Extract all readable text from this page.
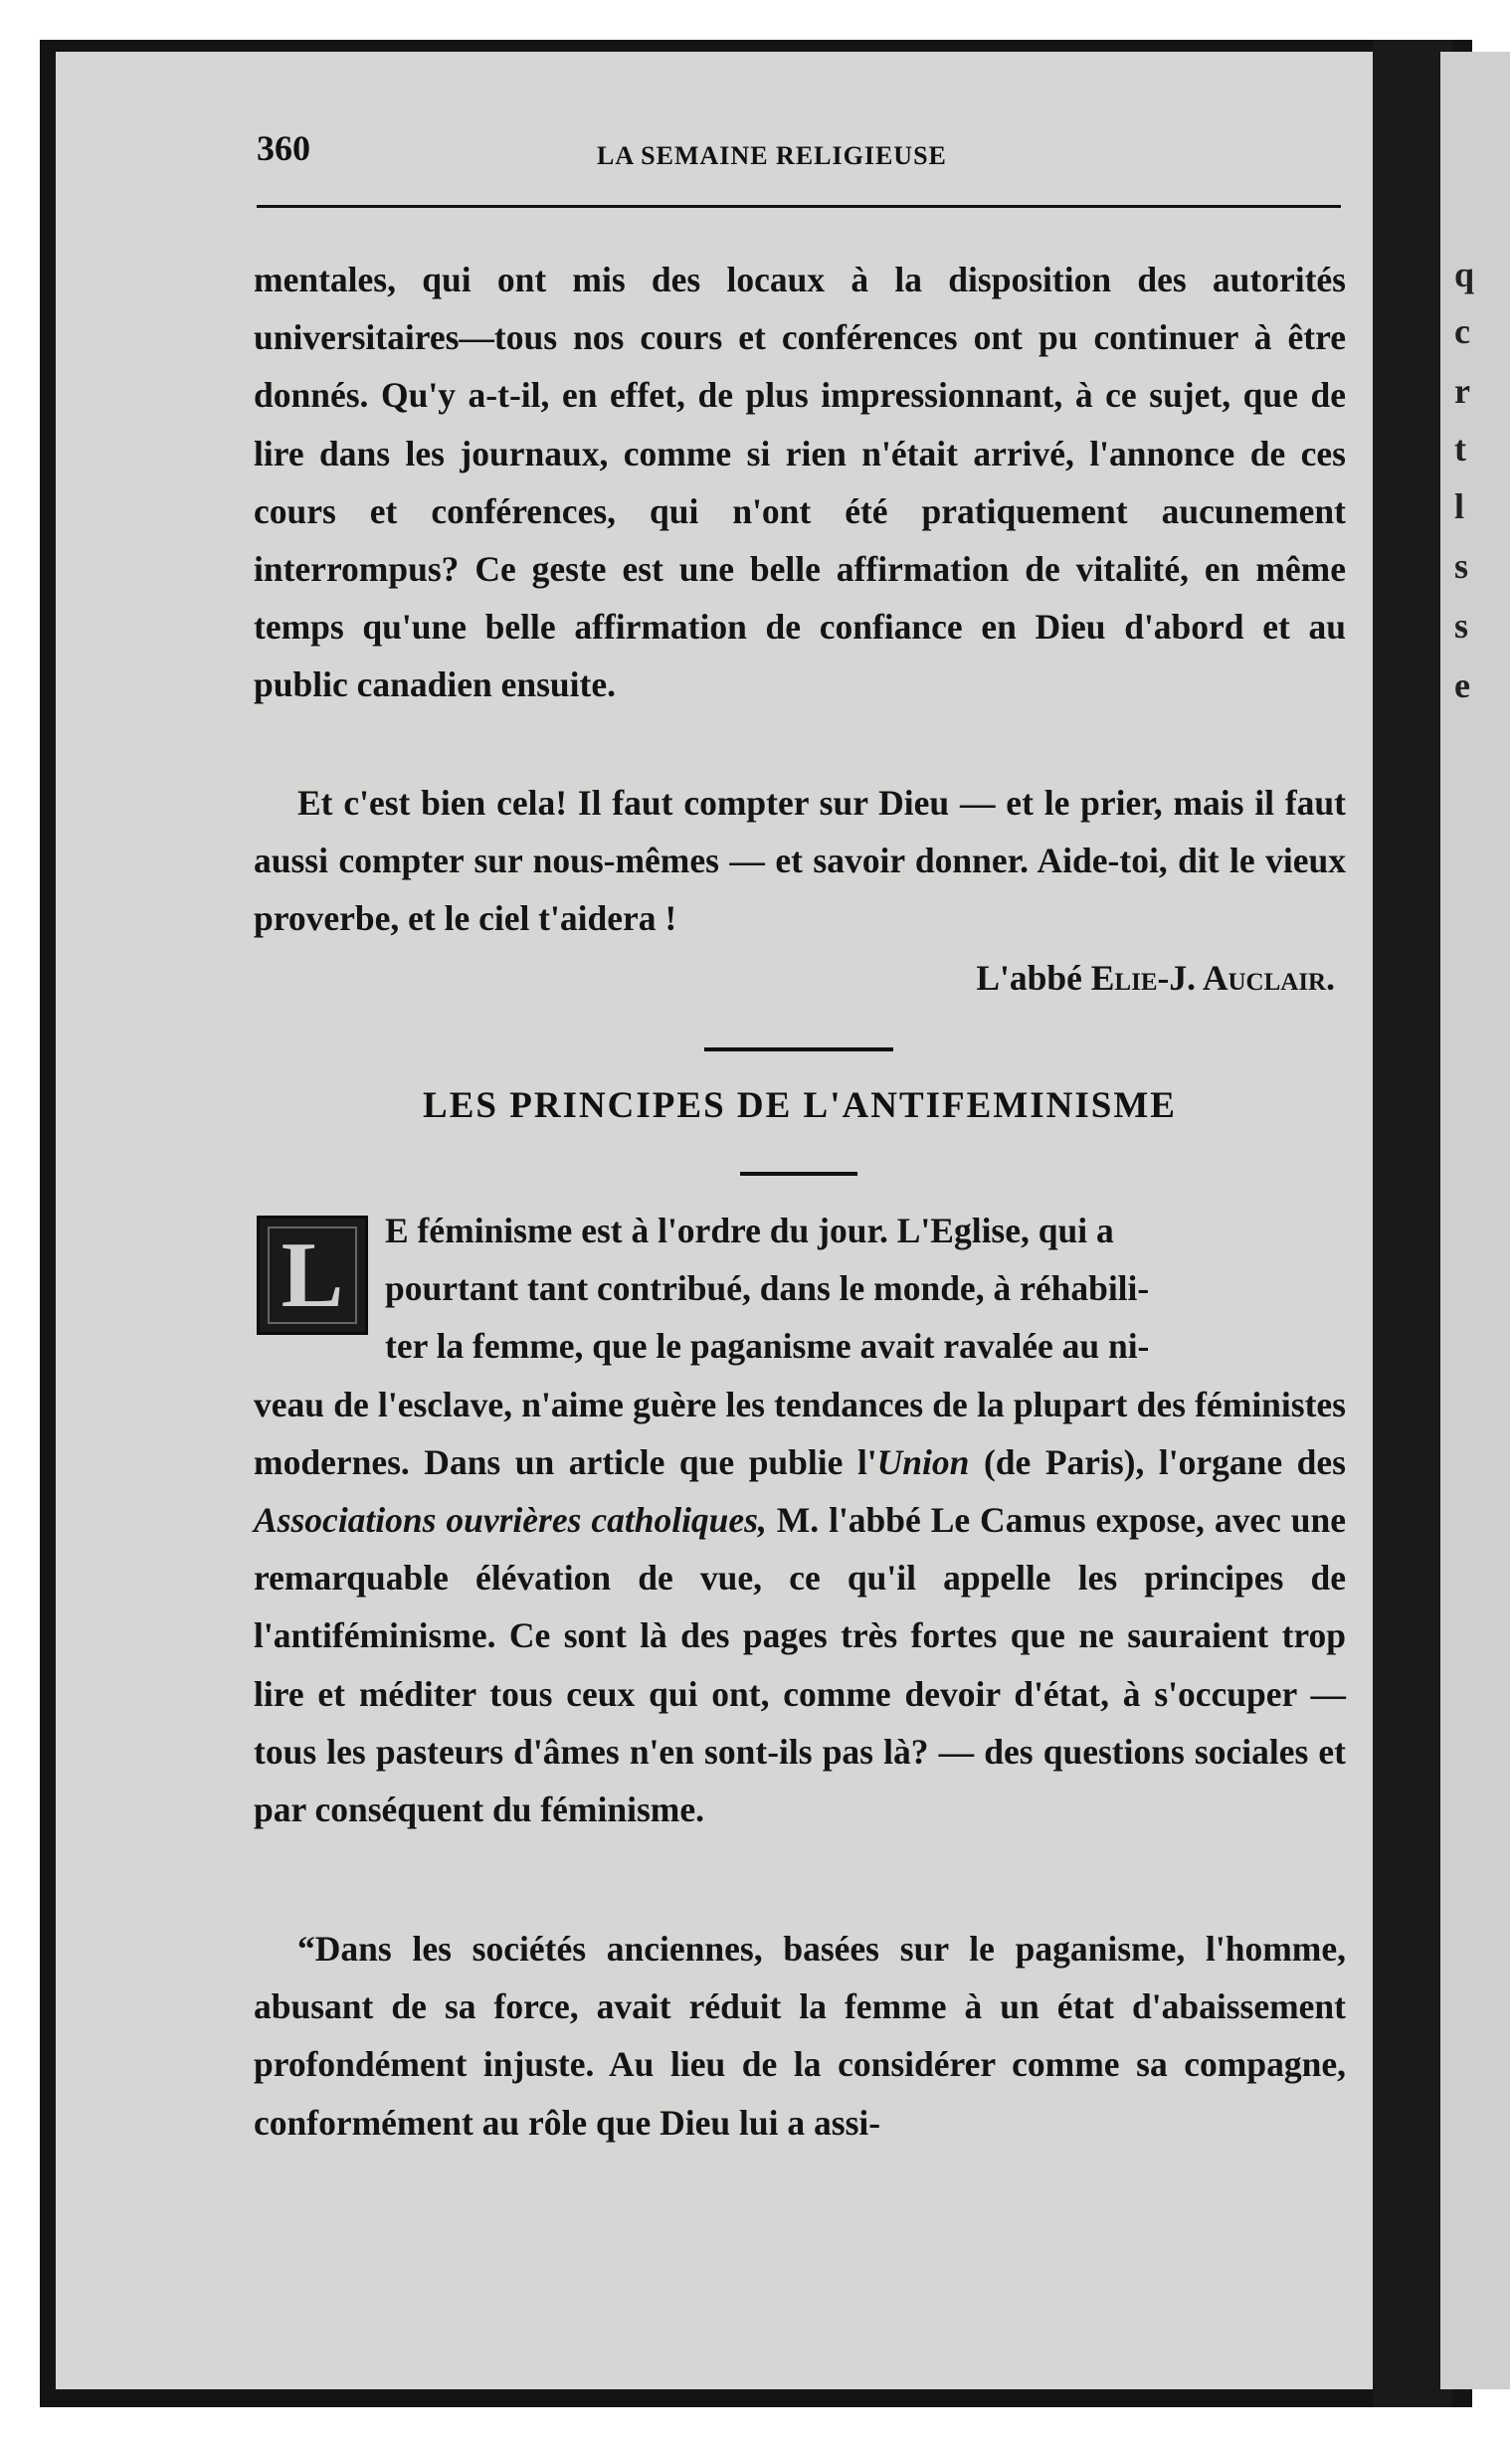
q
c
r
t
l
s
s
e
360	LA SEMAINE RELIGIEUSE

mentales, qui ont mis des locaux à la disposition des autorités universitaires—tous nos cours et conférences ont pu continuer à être donnés. Qu'y a-t-il, en effet, de plus impressionnant, à ce sujet, que de lire dans les journaux, comme si rien n'était arrivé, l'annonce de ces cours et conférences, qui n'ont été pratiquement aucunement interrompus? Ce geste est une belle affirmation de vitalité, en même temps qu'une belle affirmation de confiance en Dieu d'abord et au public canadien ensuite.

Et c'est bien cela! Il faut compter sur Dieu — et le prier, mais il faut aussi compter sur nous-mêmes — et savoir donner. Aide-toi, dit le vieux proverbe, et le ciel t'aidera !

L'abbé Elie-J. Auclair.
LES PRINCIPES DE L'ANTIFEMINISME
L	E féminisme est à l'ordre du jour. L'Eglise, qui a
pourtant tant contribué, dans le monde, à réhabili-
ter la femme, que le paganisme avait ravalée au ni-
veau de l'esclave, n'aime guère les tendances de la plupart des féministes modernes. Dans un article que publie l'Union (de Paris), l'organe des Associations ouvrières catholiques, M. l'abbé Le Camus expose, avec une remarquable élévation de vue, ce qu'il appelle les principes de l'antiféminisme. Ce sont là des pages très fortes que ne sauraient trop lire et méditer tous ceux qui ont, comme devoir d'état, à s'occuper — tous les pasteurs d'âmes n'en sont-ils pas là? — des questions sociales et par conséquent du féminisme.

“Dans les sociétés anciennes, basées sur le paganisme, l'homme, abusant de sa force, avait réduit la femme à un état d'abaissement profondément injuste. Au lieu de la considérer comme sa compagne, conformément au rôle que Dieu lui a assi-
